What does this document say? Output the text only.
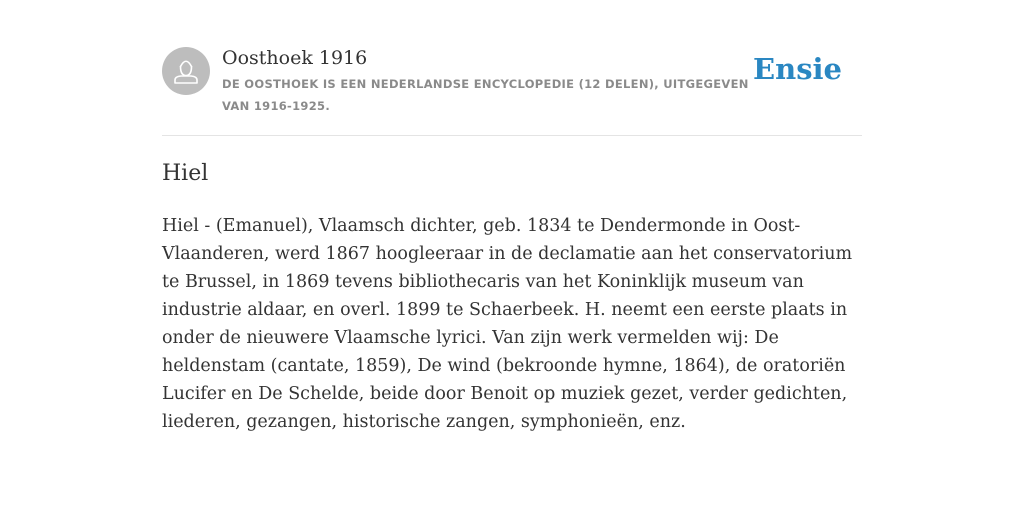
Oosthoek 1916
DE OOSTHOEK IS EEN NEDERLANDSE ENCYCLOPEDIE (12 DELEN), UITGEGEVEN VAN 1916-1925.
Ensie
Hiel

Hiel - (Emanuel), Vlaamsch dichter, geb. 1834 te Dendermonde in Oost-Vlaanderen, werd 1867 hoogleeraar in de declamatie aan het conservatorium te Brussel, in 1869 tevens bibliothecaris van het Koninklijk museum van industrie aldaar, en overl. 1899 te Schaerbeek. H. neemt een eerste plaats in onder de nieuwere Vlaamsche lyrici. Van zijn werk vermelden wij: De heldenstam (cantate, 1859), De wind (bekroonde hymne, 1864), de oratoriën Lucifer en De Schelde, beide door Benoit op muziek gezet, verder gedichten, liederen, gezangen, historische zangen, symphonieën, enz.
